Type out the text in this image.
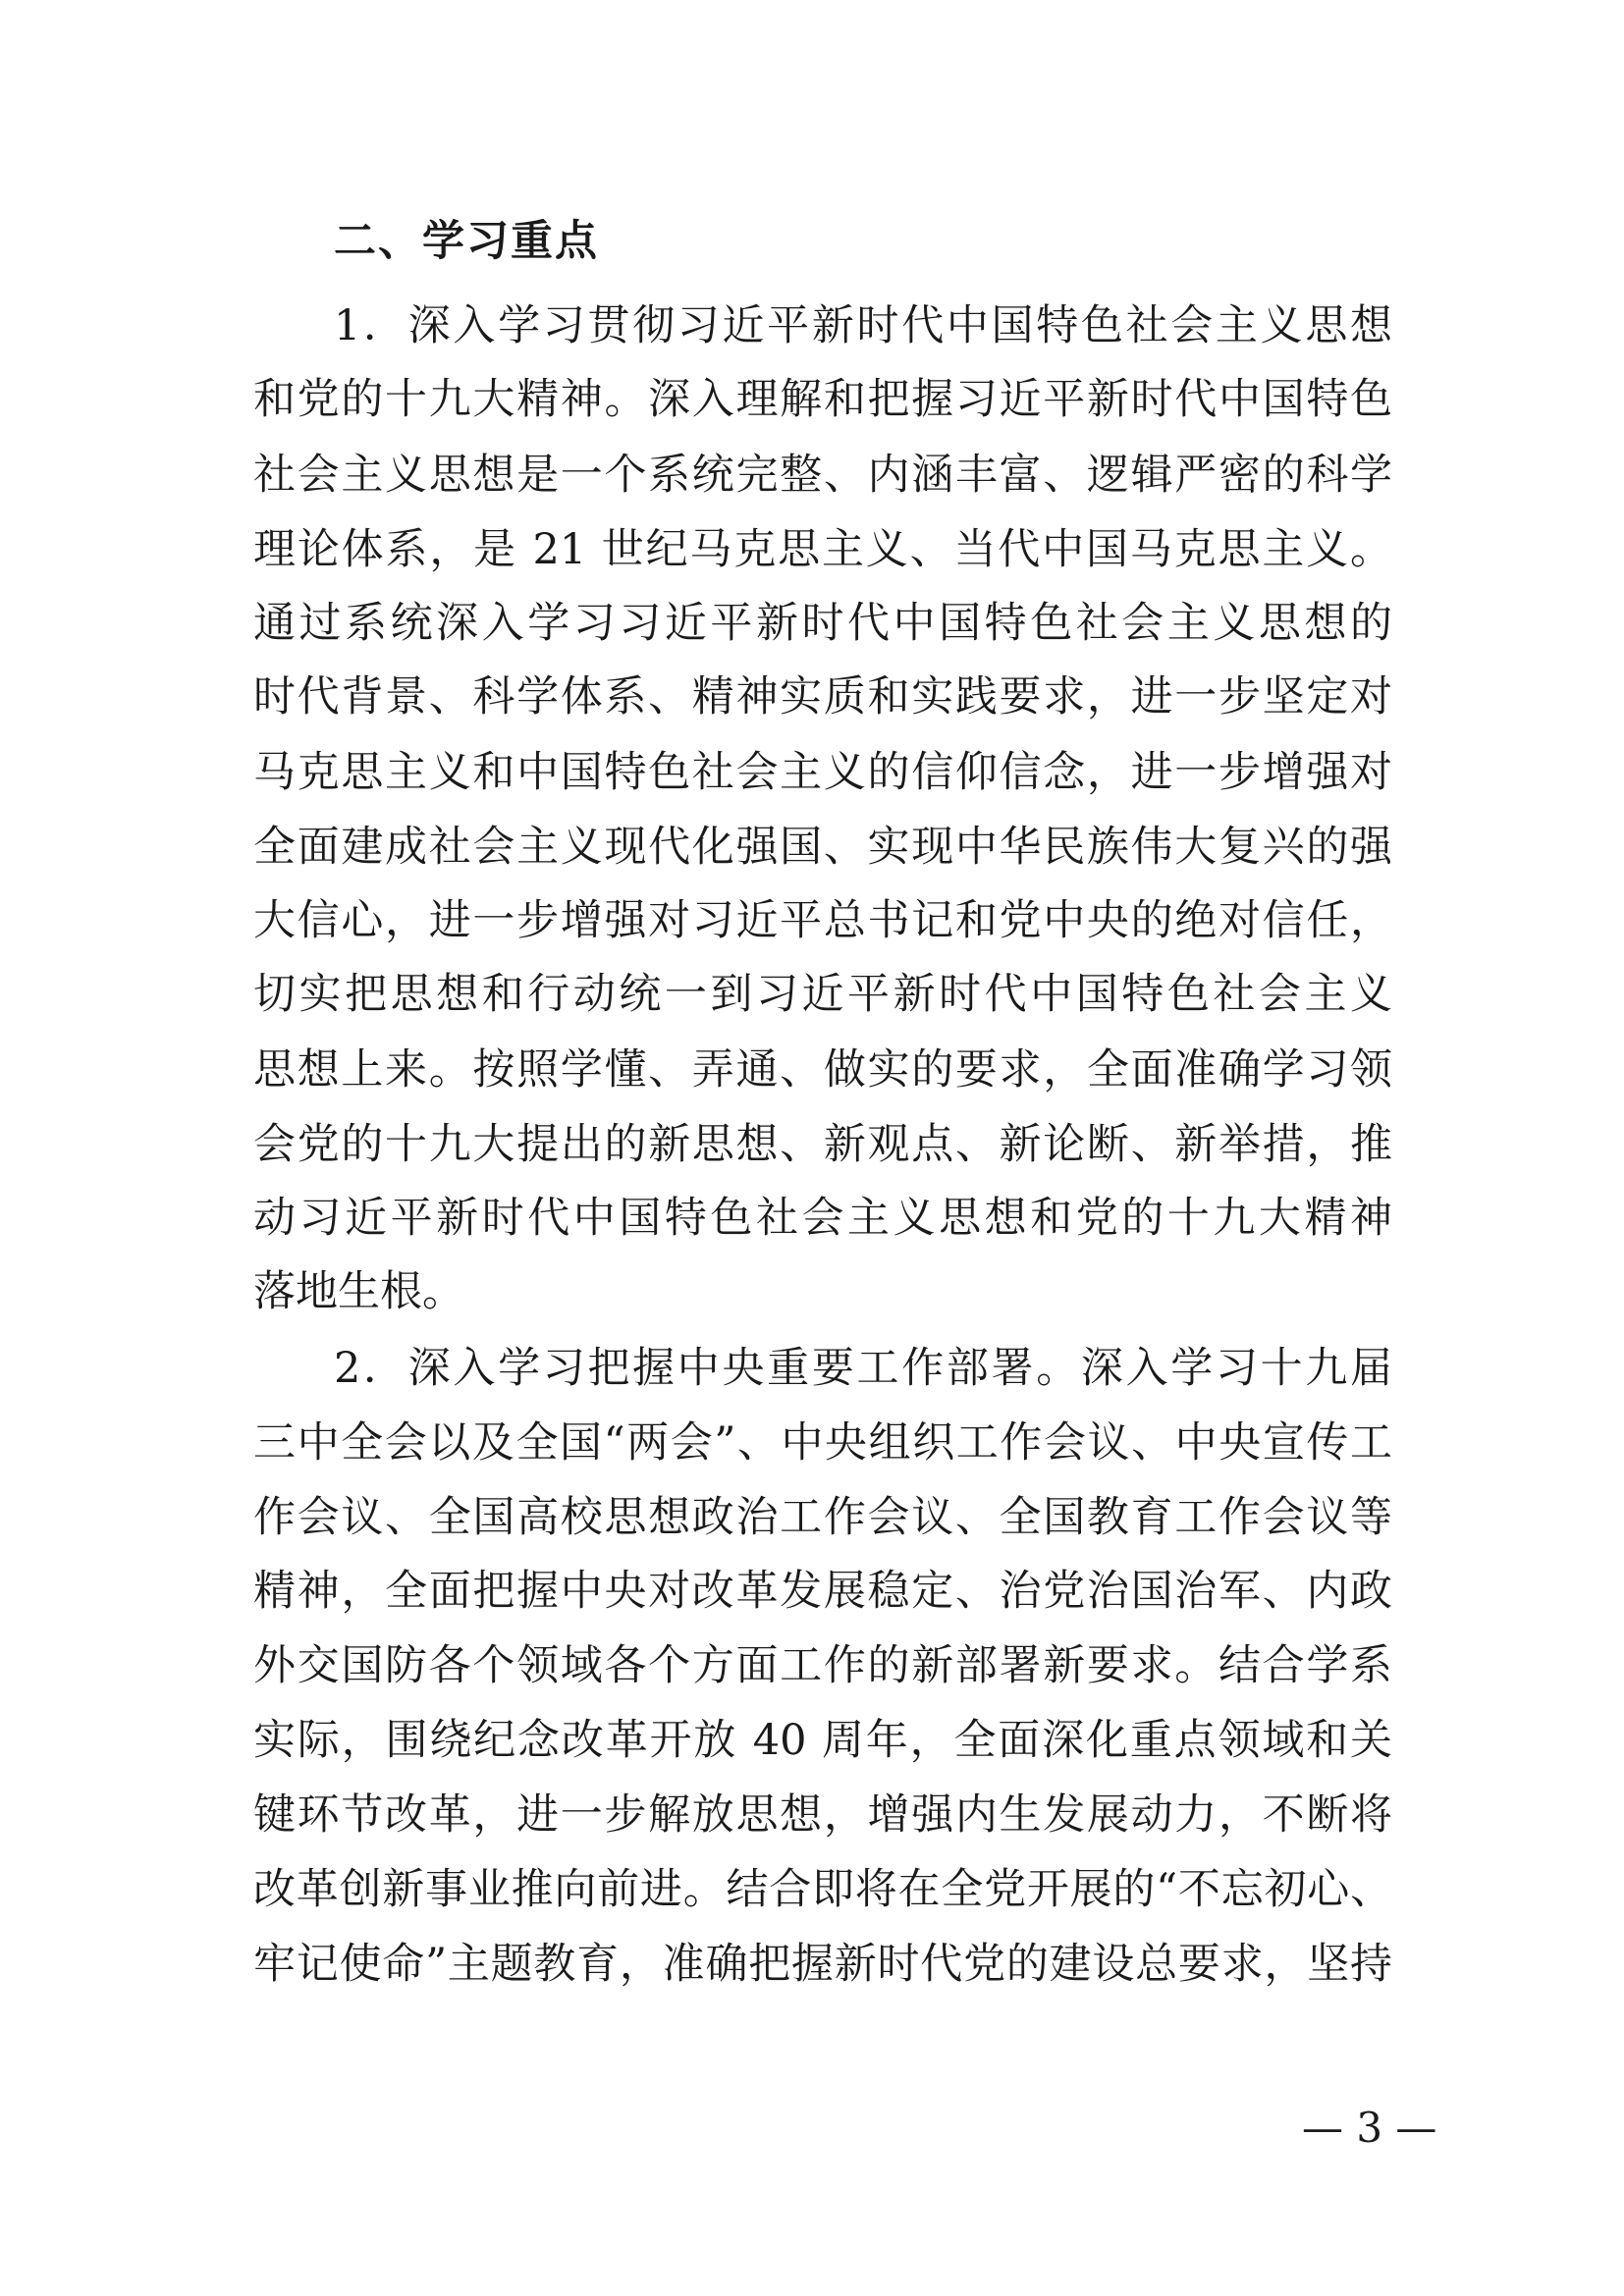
二、学习重点

1．深入学习贯彻习近平新时代中国特色社会主义思想

和党的十九大精神。深入理解和把握习近平新时代中国特色

社会主义思想是一个系统完整、内涵丰富、逻辑严密的科学

理论体系，是 21 世纪马克思主义、当代中国马克思主义。

通过系统深入学习习近平新时代中国特色社会主义思想的

时代背景、科学体系、精神实质和实践要求，进一步坚定对

马克思主义和中国特色社会主义的信仰信念，进一步增强对

全面建成社会主义现代化强国、实现中华民族伟大复兴的强

大信心，进一步增强对习近平总书记和党中央的绝对信任，

切实把思想和行动统一到习近平新时代中国特色社会主义

思想上来。按照学懂、弄通、做实的要求，全面准确学习领

会党的十九大提出的新思想、新观点、新论断、新举措，推

动习近平新时代中国特色社会主义思想和党的十九大精神

落地生根。

2．深入学习把握中央重要工作部署。深入学习十九届

三中全会以及全国“两会”、中央组织工作会议、中央宣传工

作会议、全国高校思想政治工作会议、全国教育工作会议等

精神，全面把握中央对改革发展稳定、治党治国治军、内政

外交国防各个领域各个方面工作的新部署新要求。结合学系

实际，围绕纪念改革开放 40 周年，全面深化重点领域和关

键环节改革，进一步解放思想，增强内生发展动力，不断将

改革创新事业推向前进。结合即将在全党开展的“不忘初心、

牢记使命”主题教育，准确把握新时代党的建设总要求，坚持

— 3 —
